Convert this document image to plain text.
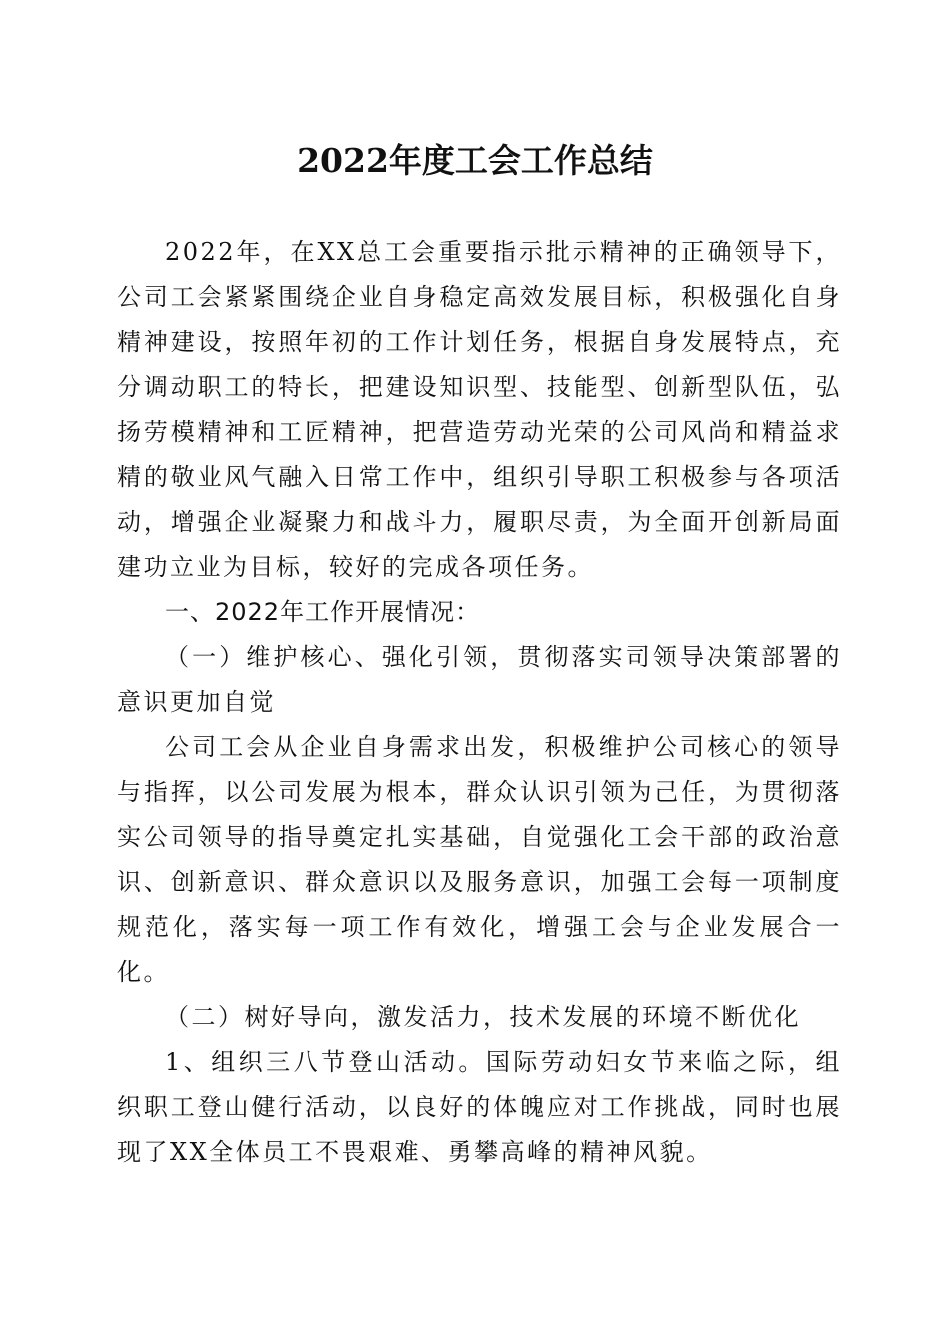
2022年度工会工作总结

2022年，在XX总工会重要指示批示精神的正确领导下，公司工会紧紧围绕企业自身稳定高效发展目标，积极强化自身精神建设，按照年初的工作计划任务，根据自身发展特点，充分调动职工的特长，把建设知识型、技能型、创新型队伍，弘扬劳模精神和工匠精神，把营造劳动光荣的公司风尚和精益求精的敬业风气融入日常工作中，组织引导职工积极参与各项活动，增强企业凝聚力和战斗力，履职尽责，为全面开创新局面建功立业为目标，较好的完成各项任务。

一、2022年工作开展情况：

（一）维护核心、强化引领，贯彻落实司领导决策部署的意识更加自觉

公司工会从企业自身需求出发，积极维护公司核心的领导与指挥，以公司发展为根本，群众认识引领为己任，为贯彻落实公司领导的指导奠定扎实基础，自觉强化工会干部的政治意识、创新意识、群众意识以及服务意识，加强工会每一项制度规范化，落实每一项工作有效化，增强工会与企业发展合一化。

（二）树好导向，激发活力，技术发展的环境不断优化

1、组织三八节登山活动。国际劳动妇女节来临之际，组织职工登山健行活动，以良好的体魄应对工作挑战，同时也展现了XX全体员工不畏艰难、勇攀高峰的精神风貌。
